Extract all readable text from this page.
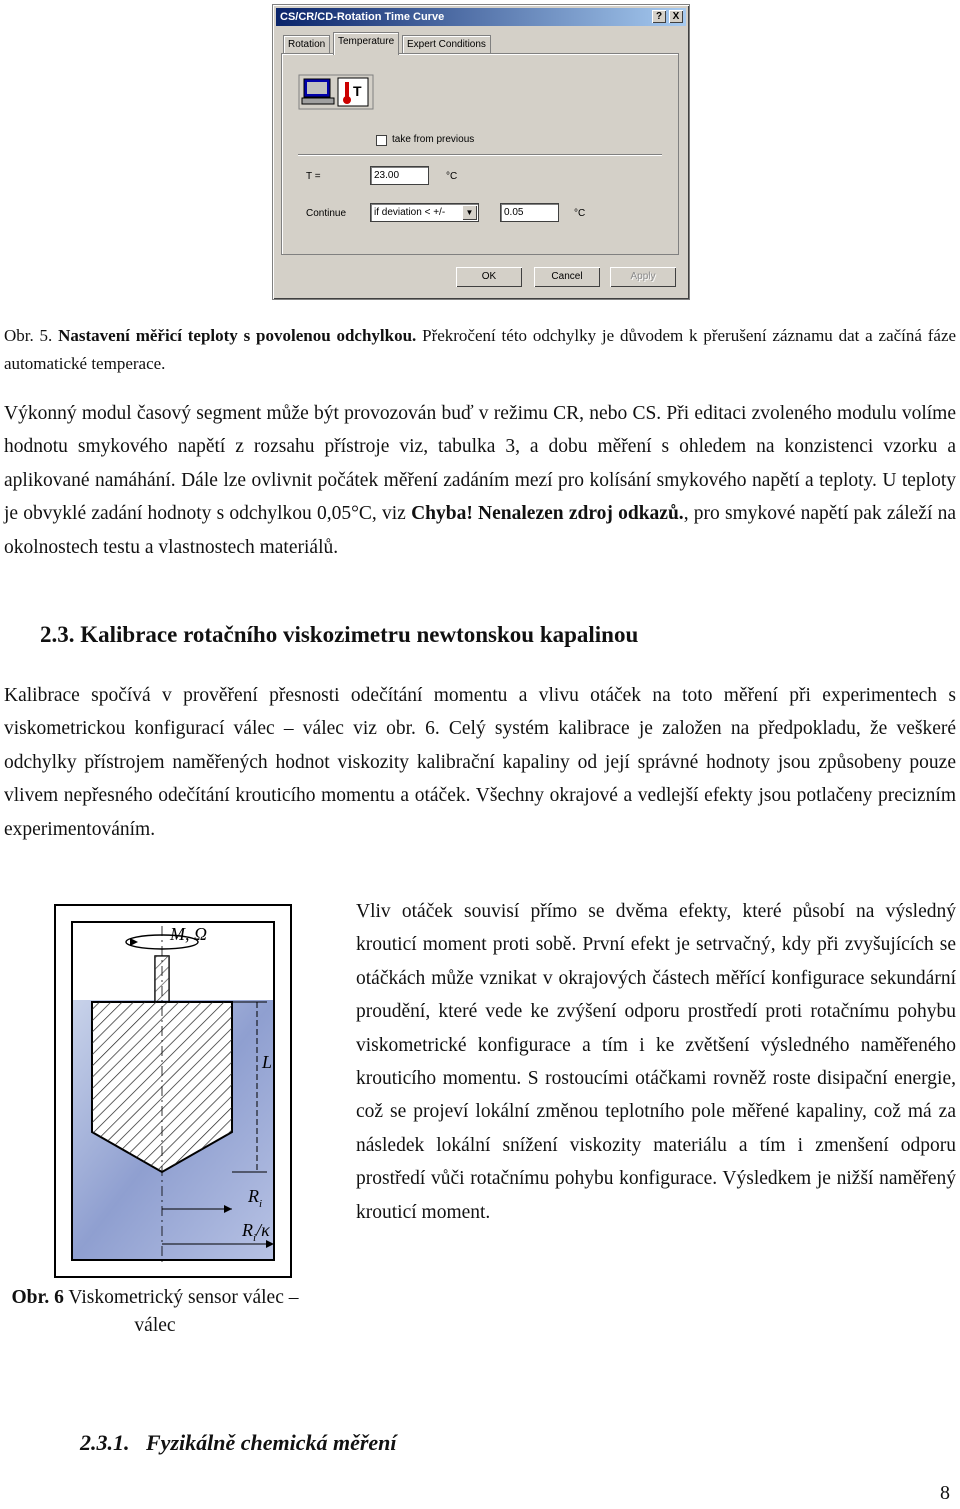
CS/CR/CD-Rotation Time Curve	?	X
Rotation	Temperature	Expert Conditions
T
take from previous
T =	23.00	°C
Continue	if deviation < +/-	▼	0.05	°C
OK	Cancel	Apply
Obr. 5. Nastavení měřicí teploty s povolenou odchylkou. Překročení této odchylky je důvodem k přerušení záznamu dat a začíná fáze automatické temperace.
Výkonný modul časový segment může být provozován buď v režimu CR, nebo CS. Při editaci zvoleného modulu volíme hodnotu smykového napětí z rozsahu přístroje viz, tabulka 3, a dobu měření s ohledem na konzistenci vzorku a aplikované namáhání. Dále lze ovlivnit počátek měření zadáním mezí pro kolísání smykového napětí a teploty. U teploty je obvyklé zadání hodnoty s odchylkou 0,05°C, viz Chyba! Nenalezen zdroj odkazů., pro smykové napětí pak záleží na okolnostech testu a vlastnostech materiálů.
2.3. Kalibrace rotačního viskozimetru newtonskou kapalinou
Kalibrace spočívá v prověření přesnosti odečítání momentu a vlivu otáček na toto měření při experimentech s viskometrickou konfigurací válec – válec viz obr. 6. Celý systém kalibrace je založen na předpokladu, že veškeré odchylky přístrojem naměřených hodnot viskozity kalibrační kapaliny od její správné hodnoty jsou způsobeny pouze vlivem nepřesného odečítání krouticího momentu a otáček. Všechny okrajové a vedlejší efekty jsou potlačeny precizním experimentováním.
M, Ω
L
$R_i$
$R_i/\kappa$
Obr. 6 Viskometrický sensor válec – válec
Vliv otáček souvisí přímo se dvěma efekty, které působí na výsledný krouticí moment proti sobě. První efekt je setrvačný, kdy při zvyšujících se otáčkách může vznikat v okrajových částech měřící konfigurace sekundární proudění, které vede ke zvýšení odporu prostředí proti rotačnímu pohybu viskometrické konfigurace a tím i ke zvětšení výsledného naměřeného krouticího momentu. S rostoucími otáčkami rovněž roste disipační energie, což se projeví lokální změnou teplotního pole měřené kapaliny, což má za následek lokální snížení viskozity materiálu a tím i zmenšení odporu prostředí vůči rotačnímu pohybu konfigurace. Výsledkem je nižší naměřený krouticí moment.
2.3.1.   Fyzikálně chemická měření
8
